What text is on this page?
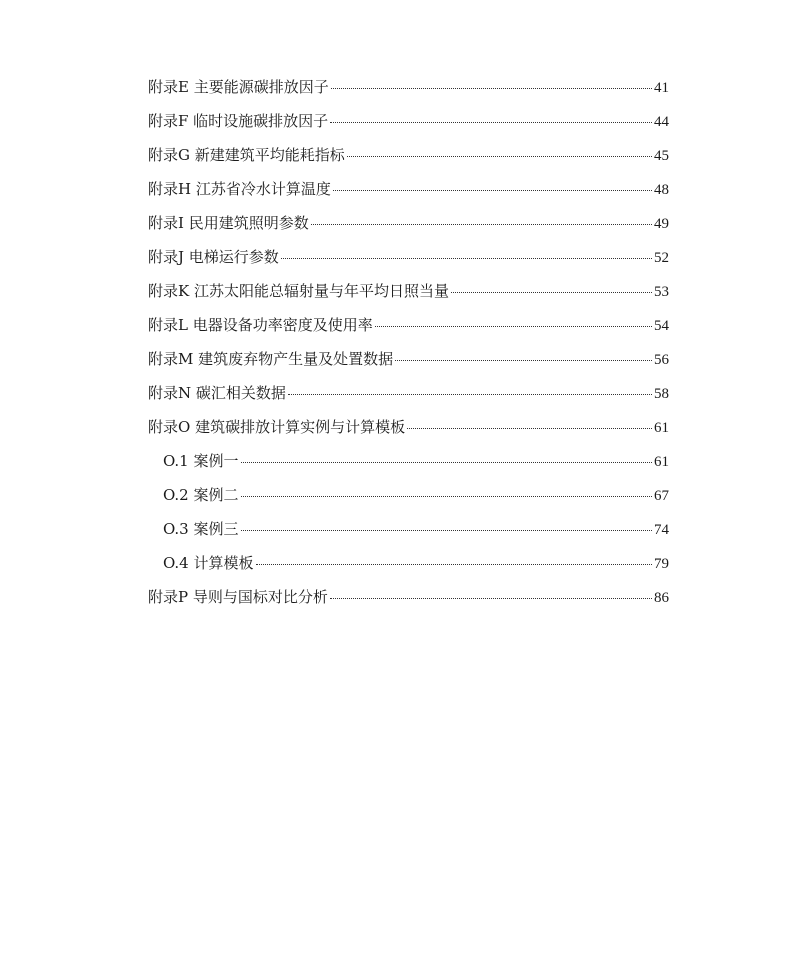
附录E 主要能源碳排放因子	41
附录F 临时设施碳排放因子	44
附录G 新建建筑平均能耗指标	45
附录H 江苏省冷水计算温度	48
附录I 民用建筑照明参数	49
附录J 电梯运行参数	52
附录K 江苏太阳能总辐射量与年平均日照当量	53
附录L 电器设备功率密度及使用率	54
附录M 建筑废弃物产生量及处置数据	56
附录N 碳汇相关数据	58
附录O 建筑碳排放计算实例与计算模板	61
O.1 案例一	61
O.2 案例二	67
O.3 案例三	74
O.4 计算模板	79
附录P 导则与国标对比分析	86
